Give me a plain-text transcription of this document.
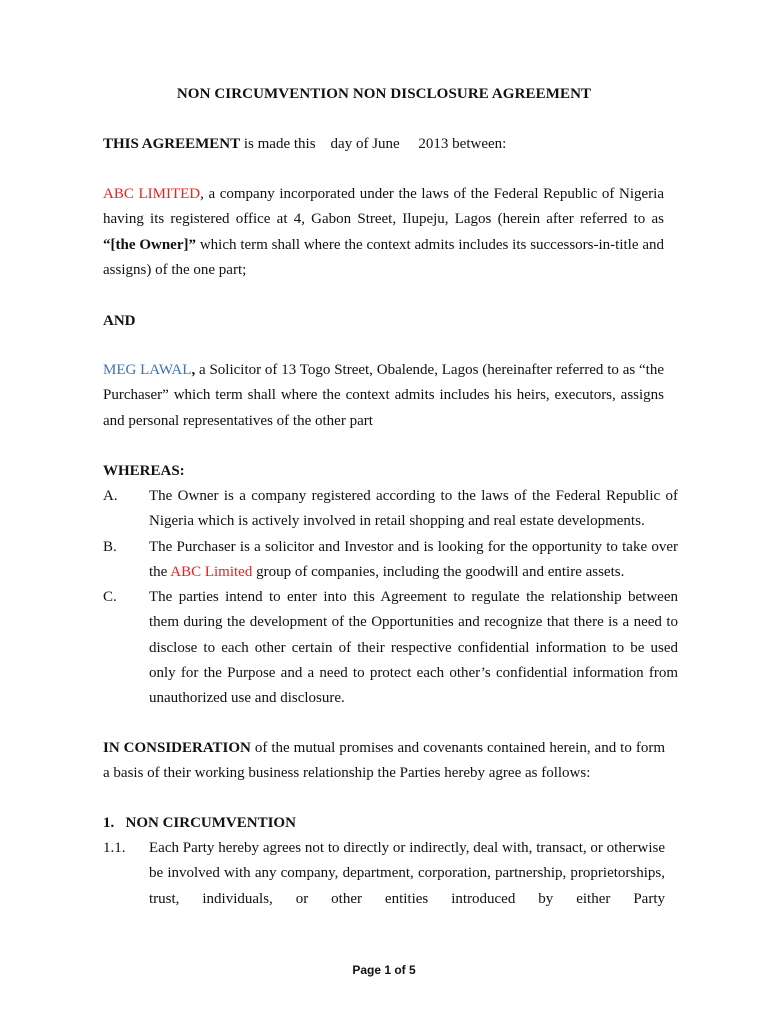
NON CIRCUMVENTION NON DISCLOSURE AGREEMENT
THIS AGREEMENT is made this    day of June     2013 between:
ABC LIMITED, a company incorporated under the laws of the Federal Republic of Nigeria having its registered office at 4, Gabon Street, Ilupeju, Lagos (herein after referred to as “[the Owner]” which term shall where the context admits includes its successors-in-title and assigns) of the one part;
AND
MEG LAWAL, a Solicitor of 13 Togo Street, Obalende, Lagos (hereinafter referred to as “the Purchaser” which term shall where the context admits includes his heirs, executors, assigns and personal representatives of the other part
WHEREAS:
A. The Owner is a company registered according to the laws of the Federal Republic of Nigeria which is actively involved in retail shopping and real estate developments.
B. The Purchaser is a solicitor and Investor and is looking for the opportunity to take over the ABC Limited group of companies, including the goodwill and entire assets.
C. The parties intend to enter into this Agreement to regulate the relationship between them during the development of the Opportunities and recognize that there is a need to disclose to each other certain of their respective confidential information to be used only for the Purpose and a need to protect each other’s confidential information from unauthorized use and disclosure.
IN CONSIDERATION of the mutual promises and covenants contained herein, and to form a basis of their working business relationship the Parties hereby agree as follows:
1.   NON CIRCUMVENTION
1.1. Each Party hereby agrees not to directly or indirectly, deal with, transact, or otherwise be involved with any company, department, corporation, partnership, proprietorships, trust, individuals, or other entities introduced by either Party
Page 1 of 5
